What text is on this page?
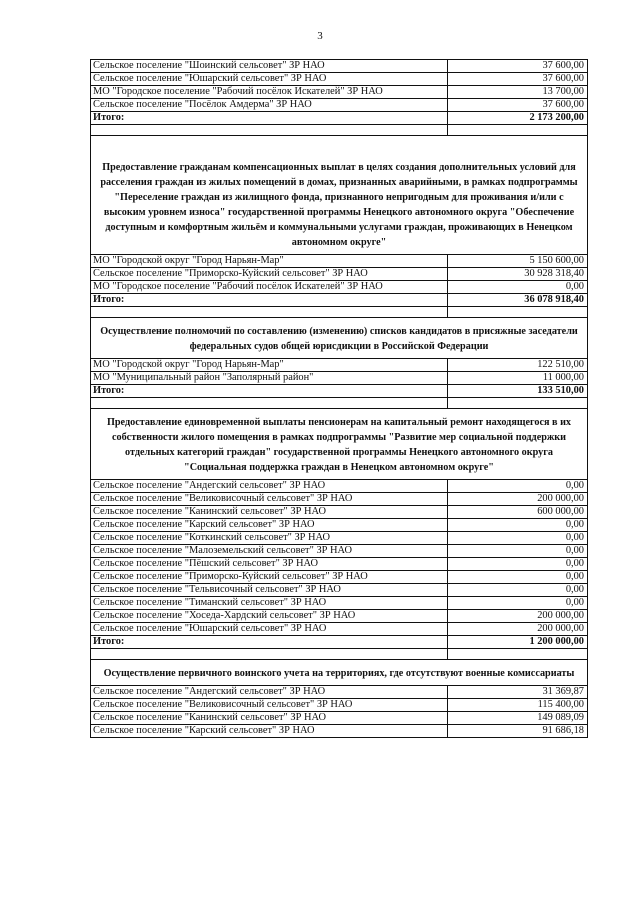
3
Сельское поселение "Шоинский сельсовет" ЗР НАО	37 600,00
Сельское поселение "Юшарский сельсовет" ЗР НАО	37 600,00
МО "Городское поселение "Рабочий посёлок Искателей" ЗР НАО	13 700,00
Сельское поселение "Посёлок Амдерма" ЗР НАО	37 600,00
Итого:	2 173 200,00
Предоставление гражданам компенсационных выплат в целях создания дополнительных условий для расселения граждан из жилых помещений в домах, признанных аварийными, в рамках подпрограммы "Переселение граждан из жилищного фонда, признанного непригодным для проживания и/или с высоким уровнем износа" государственной программы Ненецкого автономного округа "Обеспечение доступным и комфортным жильём и коммунальными услугами граждан, проживающих в Ненецком автономном округе"
МО "Городской округ "Город Нарьян-Мар"	5 150 600,00
Сельское поселение "Приморско-Куйский сельсовет" ЗР НАО	30 928 318,40
МО "Городское поселение "Рабочий посёлок Искателей" ЗР НАО	0,00
Итого:	36 078 918,40
Осуществление полномочий по составлению (изменению) списков кандидатов в присяжные заседатели федеральных судов общей юрисдикции в Российской Федерации
МО "Городской округ "Город Нарьян-Мар"	122 510,00
МО "Муниципальный район "Заполярный район"	11 000,00
Итого:	133 510,00
Предоставление единовременной выплаты пенсионерам на капитальный ремонт находящегося в их собственности жилого помещения в рамках подпрограммы "Развитие мер социальной поддержки отдельных категорий граждан" государственной программы Ненецкого автономного округа "Социальная поддержка граждан в Ненецком автономном округе"
Сельское поселение "Андегский сельсовет" ЗР НАО	0,00
Сельское поселение "Великовисочный сельсовет" ЗР НАО	200 000,00
Сельское поселение "Канинский сельсовет" ЗР НАО	600 000,00
Сельское поселение "Карский сельсовет" ЗР НАО	0,00
Сельское поселение "Коткинский сельсовет" ЗР НАО	0,00
Сельское поселение "Малоземельский сельсовет" ЗР НАО	0,00
Сельское поселение "Пёшский сельсовет" ЗР НАО	0,00
Сельское поселение "Приморско-Куйский сельсовет" ЗР НАО	0,00
Сельское поселение "Тельвисочный сельсовет" ЗР НАО	0,00
Сельское поселение "Тиманский сельсовет" ЗР НАО	0,00
Сельское поселение "Хоседа-Хардский сельсовет" ЗР НАО	200 000,00
Сельское поселение "Юшарский сельсовет" ЗР НАО	200 000,00
Итого:	1 200 000,00
Осуществление первичного воинского учета на территориях, где отсутствуют военные комиссариаты
Сельское поселение "Андегский сельсовет" ЗР НАО	31 369,87
Сельское поселение "Великовисочный сельсовет" ЗР НАО	115 400,00
Сельское поселение "Канинский сельсовет" ЗР НАО	149 089,09
Сельское поселение "Карский сельсовет" ЗР НАО	91 686,18
